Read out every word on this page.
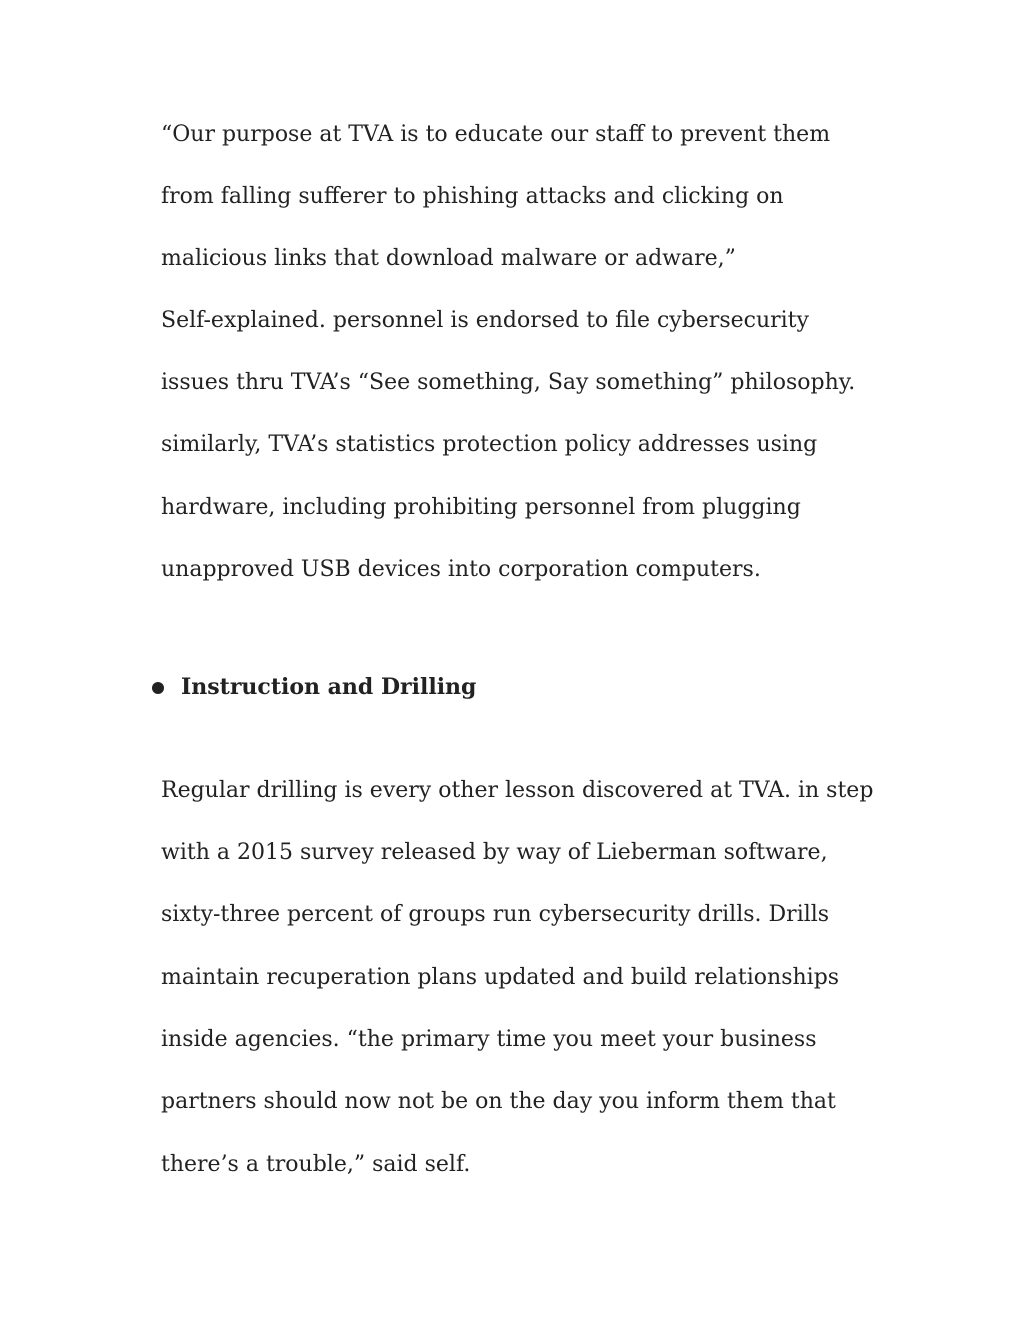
“Our purpose at TVA is to educate our staff to prevent them

from falling sufferer to phishing attacks and clicking on

malicious links that download malware or adware,”

Self-explained. personnel is endorsed to file cybersecurity

issues thru TVA’s “See something, Say something” philosophy.

similarly, TVA’s statistics protection policy addresses using

hardware, including prohibiting personnel from plugging

unapproved USB devices into corporation computers.

Instruction and Drilling

Regular drilling is every other lesson discovered at TVA. in step

with a 2015 survey released by way of Lieberman software,

sixty-three percent of groups run cybersecurity drills. Drills

maintain recuperation plans updated and build relationships

inside agencies. “the primary time you meet your business

partners should now not be on the day you inform them that

there’s a trouble,” said self.
